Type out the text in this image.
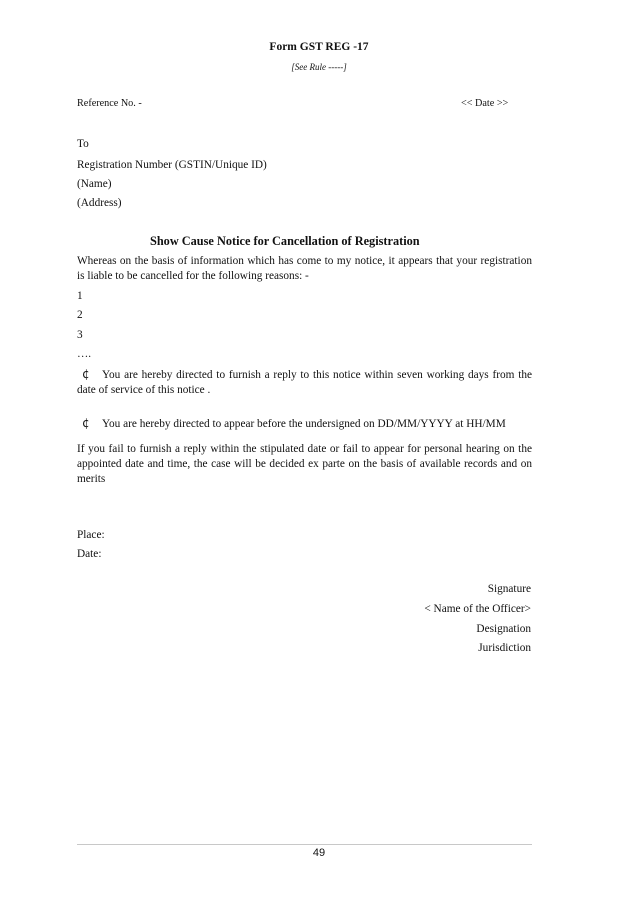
Form GST REG -17
[See Rule -----]
Reference No. -	<< Date >>
To
Registration Number (GSTIN/Unique ID)
(Name)
(Address)
Show Cause Notice for Cancellation of Registration
Whereas on the basis of information which has come to my notice, it appears that your registration is liable to be cancelled for the following reasons: -
1
2
3
….
¢ You are hereby directed to furnish a reply to this notice within seven working days from the date of service of this notice .
¢ You are hereby directed to appear before the undersigned on DD/MM/YYYY at HH/MM
If you fail to furnish a reply within the stipulated date or fail to appear for personal hearing on the appointed date and time, the case will be decided ex parte on the basis of available records and on merits
Place:
Date:
Signature
< Name of the Officer>
Designation
Jurisdiction
49
